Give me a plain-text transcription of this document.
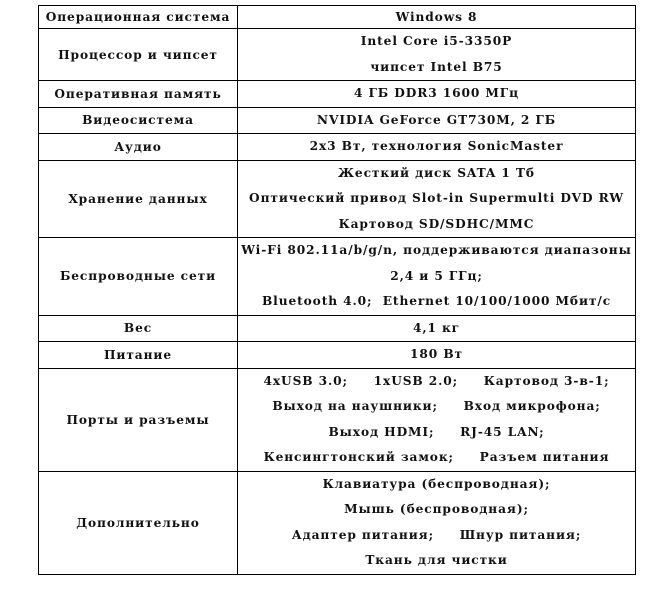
Операционная система	Windows 8

Процессор и чипсет	Intel Core i5-3350P
чипсет Intel B75

Оперативная память	4 ГБ DDR3 1600 МГц

Видеосистема	NVIDIA GeForce GT730M, 2 ГБ

Аудио	2x3 Вт, технология SonicMaster

Хранение данных	Жесткий диск SATA 1 Тб
Оптический привод Slot-in Supermulti DVD RW
Картовод SD/SDHC/MMC

Беспроводные сети	Wi-Fi 802.11a/b/g/n, поддерживаются диапазоны
2,4 и 5 ГГц;
Bluetooth 4.0;  Ethernet 10/100/1000 Мбит/с

Вес	4,1 кг

Питание	180 Вт

Порты и разъемы	4xUSB 3.0;     1xUSB 2.0;     Картовод 3-в-1;
Выход на наушники;     Вход микрофона;
Выход HDMI;     RJ-45 LAN;
Кенсингтонский замок;     Разъем питания

Дополнительно	Клавиатура (беспроводная);
Мышь (беспроводная);
Адаптер питания;     Шнур питания;
Ткань для чистки
